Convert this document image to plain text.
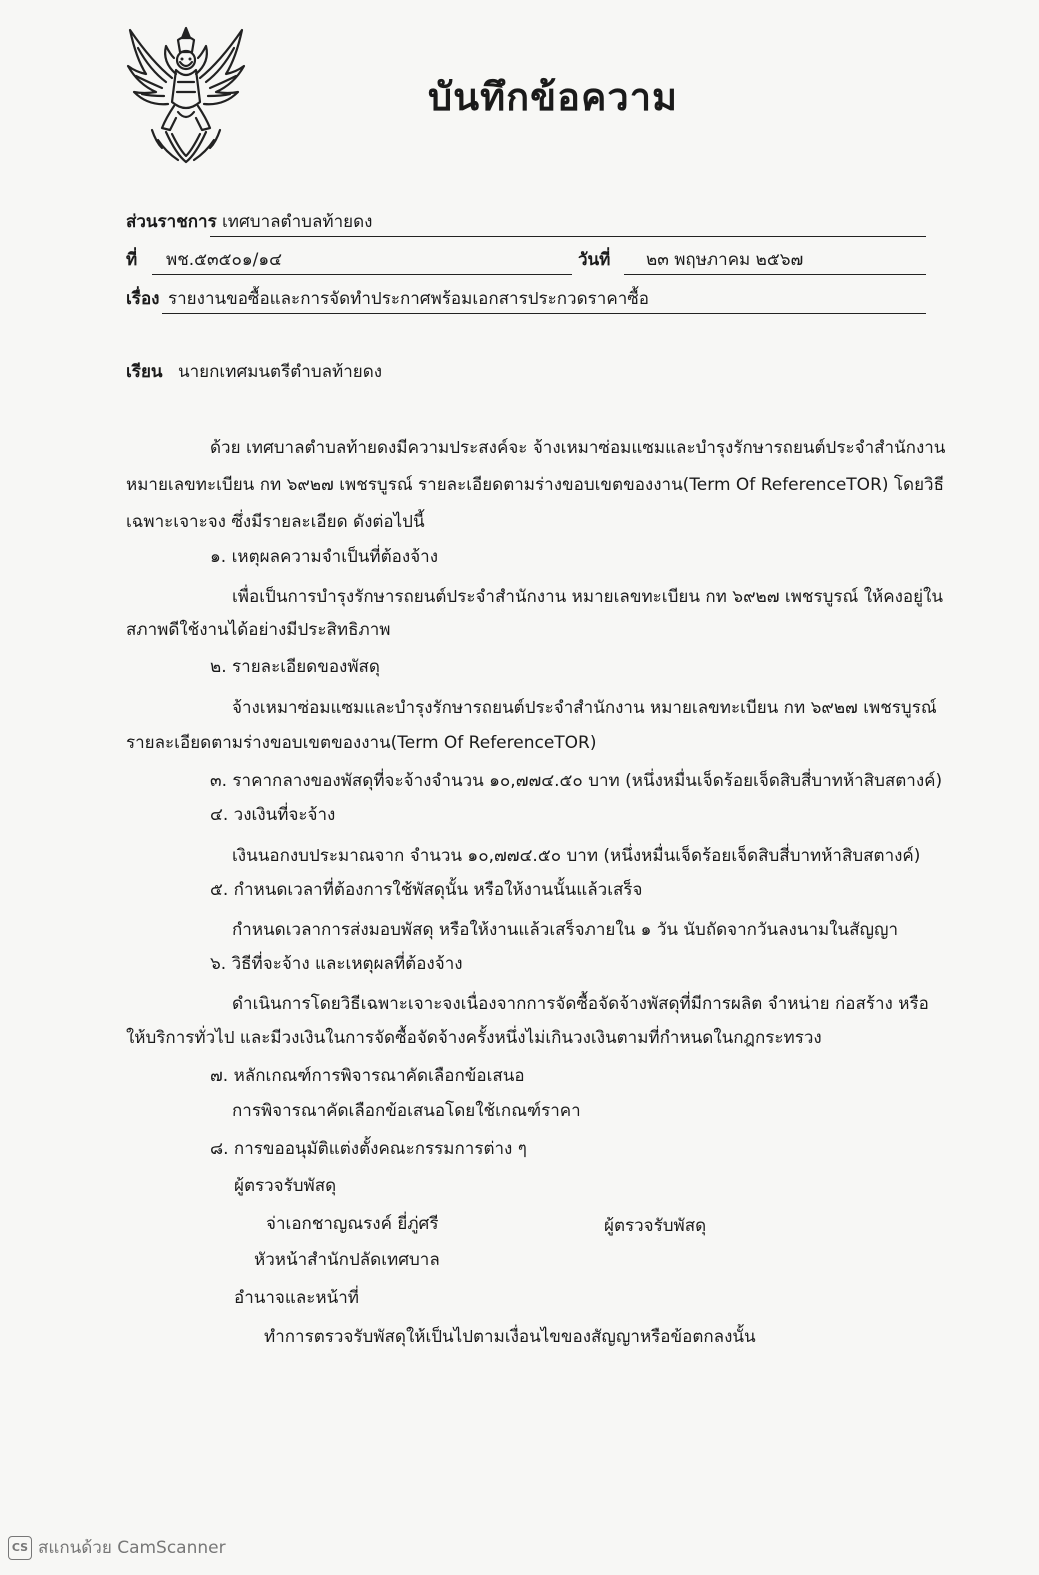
บันทึกข้อความ
ส่วนราชการ เทศบาลตำบลท้ายดง
ที่ พช.๕๓๕๐๑/๑๔	วันที่ ๒๓ พฤษภาคม ๒๕๖๗
เรื่อง รายงานขอซื้อและการจัดทำประกาศพร้อมเอกสารประกวดราคาซื้อ
เรียน นายกเทศมนตรีตำบลท้ายดง
ด้วย เทศบาลตำบลท้ายดงมีความประสงค์จะ จ้างเหมาซ่อมแซมและบำรุงรักษารถยนต์ประจำสำนักงาน
หมายเลขทะเบียน กท ๖๙๒๗ เพชรบูรณ์ รายละเอียดตามร่างขอบเขตของงาน(Term Of ReferenceTOR) โดยวิธี
เฉพาะเจาะจง ซึ่งมีรายละเอียด ดังต่อไปนี้
๑. เหตุผลความจำเป็นที่ต้องจ้าง
เพื่อเป็นการบำรุงรักษารถยนต์ประจำสำนักงาน หมายเลขทะเบียน กท ๖๙๒๗ เพชรบูรณ์ ให้คงอยู่ใน
สภาพดีใช้งานได้อย่างมีประสิทธิภาพ
๒. รายละเอียดของพัสดุ
จ้างเหมาซ่อมแซมและบำรุงรักษารถยนต์ประจำสำนักงาน หมายเลขทะเบียน กท ๖๙๒๗ เพชรบูรณ์
รายละเอียดตามร่างขอบเขตของงาน(Term Of ReferenceTOR)
๓. ราคากลางของพัสดุที่จะจ้างจำนวน ๑๐,๗๗๔.๕๐ บาท (หนึ่งหมื่นเจ็ดร้อยเจ็ดสิบสี่บาทห้าสิบสตางค์)
๔. วงเงินที่จะจ้าง
เงินนอกงบประมาณจาก จำนวน ๑๐,๗๗๔.๕๐ บาท (หนึ่งหมื่นเจ็ดร้อยเจ็ดสิบสี่บาทห้าสิบสตางค์)
๕. กำหนดเวลาที่ต้องการใช้พัสดุนั้น หรือให้งานนั้นแล้วเสร็จ
กำหนดเวลาการส่งมอบพัสดุ หรือให้งานแล้วเสร็จภายใน ๑ วัน นับถัดจากวันลงนามในสัญญา
๖. วิธีที่จะจ้าง และเหตุผลที่ต้องจ้าง
ดำเนินการโดยวิธีเฉพาะเจาะจงเนื่องจากการจัดซื้อจัดจ้างพัสดุที่มีการผลิต จำหน่าย ก่อสร้าง หรือ
ให้บริการทั่วไป และมีวงเงินในการจัดซื้อจัดจ้างครั้งหนึ่งไม่เกินวงเงินตามที่กำหนดในกฎกระทรวง
๗. หลักเกณฑ์การพิจารณาคัดเลือกข้อเสนอ
การพิจารณาคัดเลือกข้อเสนอโดยใช้เกณฑ์ราคา
๘. การขออนุมัติแต่งตั้งคณะกรรมการต่าง ๆ
ผู้ตรวจรับพัสดุ
จ่าเอกชาญณรงค์ ยี่ภู่ศรี	ผู้ตรวจรับพัสดุ
หัวหน้าสำนักปลัดเทศบาล
อำนาจและหน้าที่
ทำการตรวจรับพัสดุให้เป็นไปตามเงื่อนไขของสัญญาหรือข้อตกลงนั้น
CS สแกนด้วย CamScanner
